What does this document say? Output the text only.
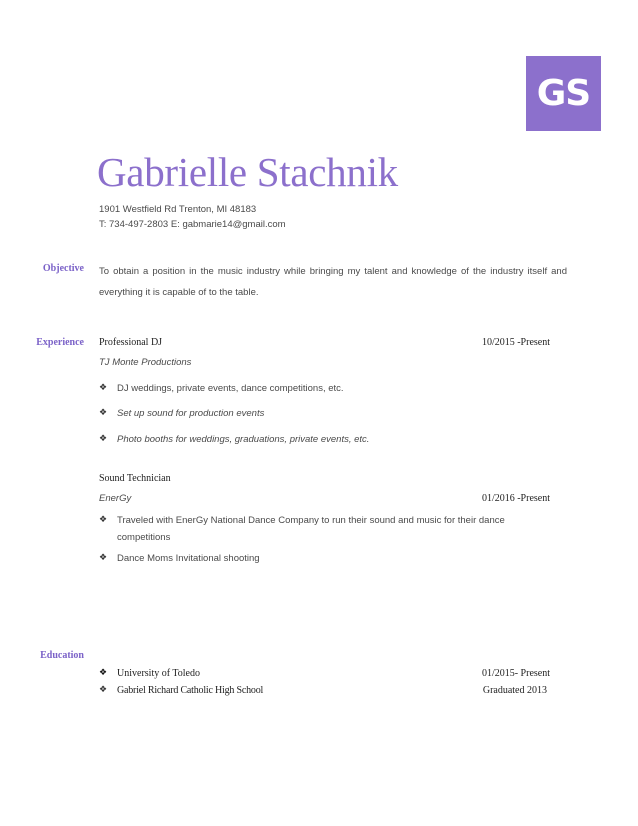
GS
Gabrielle Stachnik
1901 Westfield Rd Trenton, MI 48183
T: 734-497-2803 E: gabmarie14@gmail.com
Objective To obtain a position in the music industry while bringing my talent and knowledge of the industry itself and everything it is capable of to the table.
Experience Professional DJ	10/2015 -Present
TJ Monte Productions
❖ DJ weddings, private events, dance competitions, etc.
❖ Set up sound for production events
❖ Photo booths for weddings, graduations, private events, etc.
Sound Technician
EnerGy	01/2016 -Present
❖ Traveled with EnerGy National Dance Company to run their sound and music for their dance competitions
❖ Dance Moms Invitational shooting
Education
❖ University of Toledo	01/2015- Present
❖ Gabriel Richard Catholic High School	Graduated 2013
